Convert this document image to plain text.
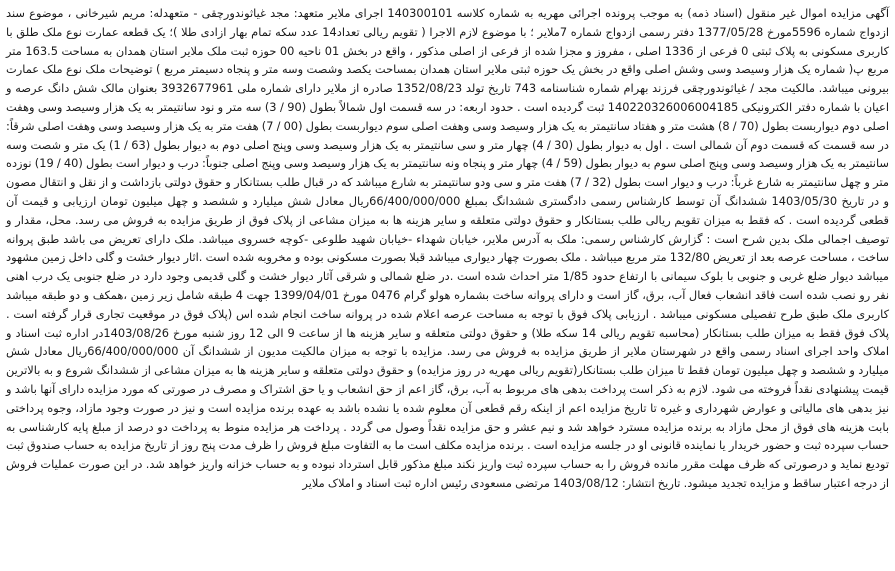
آگهی مزایده اموال غیر منقول (اسناد ذمه) به موجب پرونده اجرائی مهریه به شماره کلاسه 140300101 اجرای ملایر متعهد: مجد غیاثوندورچقی - متعهدله: مریم شیرخانی ، موضوع سند ازدواج شماره 5596مورخ 1377/05/28 دفتر رسمی ازدواج شماره 7ملایر ؛ با موضوع لازم الاجرا ( تقویم ریالی تعداد14 عدد سکه تمام بهار ازادی طلا )؛ یک قطعه عمارت نوع ملک طلق با کاربری مسکونی به پلاک ثبتی 0 فرعی از 1336 اصلی ، مفروز و مجزا شده از فرعی از اصلی مذکور ، واقع در بخش 01 ناحیه 00 حوزه ثبت ملک ملایر استان همدان به مساحت 163.5 متر مربع پ( شماره یک هزار وسیصد وسی وشش اصلی واقع در بخش یک حوزه ثبتی ملایر استان همدان بمساحت یکصد وشصت وسه متر و پنجاه دسیمتر مربع ) توضیحات ملک نوع ملک عمارت بیرونی میباشد. مالکیت مجد / غیاثوندورچقی فرزند بهرام شماره شناسنامه 743 تاریخ تولد 1352/08/23 صادره از ملایر دارای شماره ملی 3932677961 بعنوان مالک شش دانگ عرصه و اعیان با شماره دفتر الکترونیکی 140220326006004185 ثبت گردیده است . حدود اربعه: در سه قسمت اول شمالاً بطول (90 / 3) سه متر و نود سانتیمتر به یک هزار وسیصد وسی وهفت اصلی دوم دیواربست بطول (70 / 8) هشت متر و هفتاد سانتیمتر به یک هزار وسیصد وسی وهفت اصلی سوم دیواربست بطول (00 / 7) هفت متر به یک هزار وسیصد وسی وهفت اصلی شرقاً: در سه قسمت که قسمت دوم آن شمالی است . اول به دیوار بطول (30 / 4) چهار متر و سی سانتیمتر به یک هزار وسیصد وسی وپنج اصلی دوم به دیوار بطول (63 / 1) یک متر و شصت وسه سانتیمتر به یک هزار وسیصد وسی وپنج اصلی سوم به دیوار بطول (59 / 4) چهار متر و پنجاه ونه سانتیمتر به یک هزار وسیصد وسی وپنج اصلی جنوباً: درب و دیوار است بطول (40 / 19) نوزده متر و چهل سانتیمتر به شارع غرباً: درب و دیوار است بطول (32 / 7) هفت متر و سی ودو سانتیمتر به شارع میباشد که در قبال طلب بستانکار و حقوق دولتی بازداشت و از نقل و انتقال مصون و در تاریخ 1403/05/30 ششدانگ آن توسط کارشناس رسمی دادگستری ششدانگ بمبلغ 66/400/000/000ریال معادل شش میلیارد و ششصد و چهل میلیون تومان ارزیابی و قیمت آن قطعی گردیده است . که فقط به میزان تقویم ریالی طلب بستانکار و حقوق دولتی متعلقه و سایر هزینه ها به میزان مشاعی از پلاک فوق از طریق مزایده به فروش می رسد. محل، مقدار و توصیف اجمالی ملک بدین شرح است : گزارش کارشناس رسمی: ملک به آدرس ملایر، خیابان شهداء -خیابان شهید طلوعی -کوچه خسروی میباشد. ملک دارای تعریض می باشد طبق پروانه ساخت ، مساحت عرصه بعد از تعریض 132/80 متر مربع میباشد . ملک بصورت چهار دیواری میباشد قبلا بصورت مسکونی بوده و مخروبه شده است .اثار دیوار خشت و گلی داخل زمین مشهود میباشد دیوار ضلع غربی و جنوبی با بلوک سیمانی با ارتفاع حدود 1/85 متر احداث شده است .در ضلع شمالی و شرقی آثار دیوار خشت و گلی قدیمی وجود دارد در ضلع جنوبی یک درب اهنی نفر رو نصب شده است فاقد انشعاب فعال آب، برق، گاز است و دارای پروانه ساخت بشماره هولو گرام 0476 مورخ 1399/04/01 جهت 4 طبقه شامل زیر زمین ،همکف و دو طبقه میباشد کاربری ملک طبق طرح تفصیلی مسکونی میباشد . ارزیابی پلاک فوق با توجه به مساحت عرصه اعلام شده در پروانه ساخت انجام شده اس (پلاک فوق در موقعیت تجاری قرار گرفته است . پلاک فوق فقط به میزان طلب بستانکار (محاسبه تقویم ریالی 14 سکه طلا) و حقوق دولتی متعلقه و سایر هزینه ها از ساعت 9 الی 12 روز شنبه مورخ 1403/08/26در اداره ثبت اسناد و املاک واحد اجرای اسناد رسمی واقع در شهرستان ملایر از طریق مزایده به فروش می رسد. مزایده با توجه به میزان مالکیت مدیون از ششدانگ آن 66/400/000/000ریال معادل شش میلیارد و ششصد و چهل میلیون تومان فقط تا میزان طلب بستانکار(تقویم ریالی مهریه در روز مزایده) و حقوق دولتی متعلقه و سایر هزینه ها به میزان مشاعی از ششدانگ شروع و به بالاترین قیمت پیشنهادی نقداً فروخته می شود. لازم به ذکر است پرداخت بدهی های مربوط به آب، برق، گاز اعم از حق انشعاب و یا حق اشتراک و مصرف در صورتی که مورد مزایده دارای آنها باشد و نیز بدهی های مالیاتی و عوارض شهرداری و غیره تا تاریخ مزایده اعم از اینکه رقم قطعی آن معلوم شده یا نشده باشد به عهده برنده مزایده است و نیز در صورت وجود مازاد، وجوه پرداختی بابت هزینه های فوق از محل مازاد به برنده مزایده مسترد خواهد شد و نیم عشر و حق مزایده نقداً وصول می گردد . پرداخت هر مزایده منوط به پرداخت دو درصد از مبلغ پایه کارشناسی به حساب سپرده ثبت و حضور خریدار یا نماینده قانونی او در جلسه مزایده است . برنده مزایده مکلف است ما به التفاوت مبلغ فروش را ظرف مدت پنج روز از تاریخ مزایده به حساب صندوق ثبت تودیع نماید و درصورتی که ظرف مهلت مقرر مانده فروش را به حساب سپرده ثبت واریز نکند مبلغ مذکور قابل استرداد نبوده و به حساب خزانه واریز خواهد شد. در این صورت عملیات فروش از درجه اعتبار ساقط و مزایده تجدید میشود. تاریخ انتشار: 1403/08/12 مرتضی مسعودی رئیس اداره ثبت اسناد و املاک ملایر
